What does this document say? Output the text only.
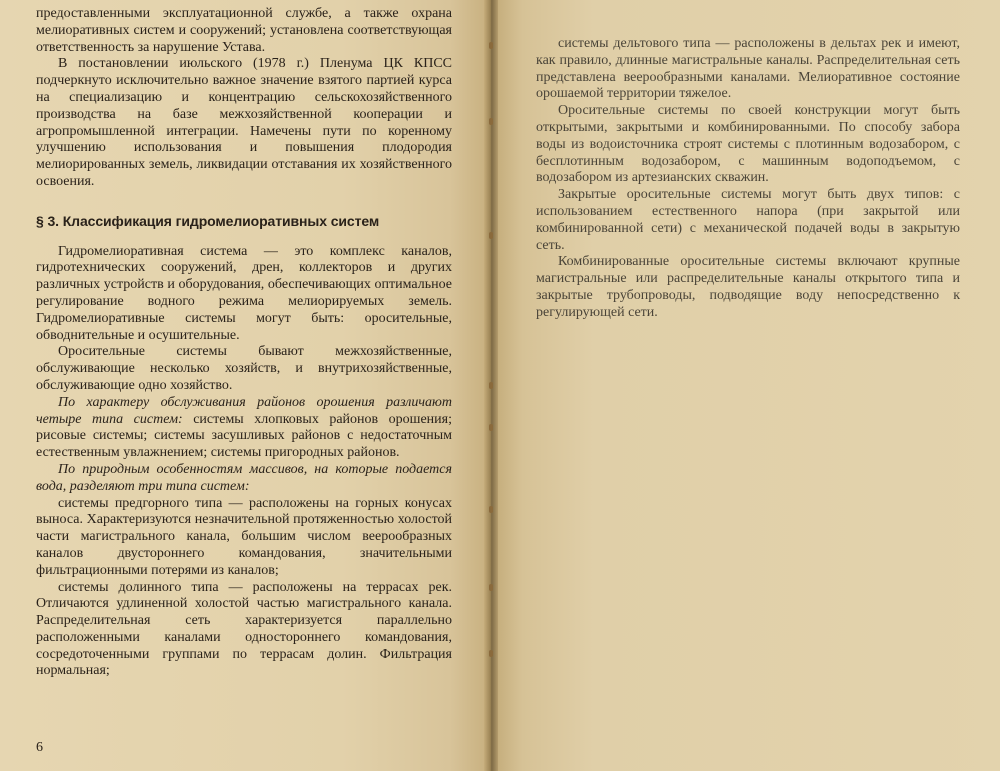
предоставленными эксплуатационной службе, а также охрана мелиоративных систем и сооружений; установлена соответствующая ответственность за нарушение Устава.

В постановлении июльского (1978 г.) Пленума ЦК КПСС подчеркнуто исключительно важное значение взятого партией курса на специализацию и концентрацию сельскохозяйственного производства на базе межхозяйственной кооперации и агропромышленной интеграции. Намечены пути по коренному улучшению использования и повышения плодородия мелиорированных земель, ликвидации отставания их хозяйственного освоения.

§ 3. Классификация гидромелиоративных систем

Гидромелиоративная система — это комплекс каналов, гидротехнических сооружений, дрен, коллекторов и других различных устройств и оборудования, обеспечивающих оптимальное регулирование водного режима мелиорируемых земель. Гидромелиоративные системы могут быть: оросительные, обводнительные и осушительные.

Оросительные системы бывают межхозяйственные, обслуживающие несколько хозяйств, и внутрихозяйственные, обслуживающие одно хозяйство.

По характеру обслуживания районов орошения различают четыре типа систем: системы хлопковых районов орошения; рисовые системы; системы засушливых районов с недостаточным естественным увлажнением; системы пригородных районов.

По природным особенностям массивов, на которые подается вода, разделяют три типа систем:

системы предгорного типа — расположены на горных конусах выноса. Характеризуются незначительной протяженностью холостой части магистрального канала, большим числом веерообразных каналов двустороннего командования, значительными фильтрационными потерями из каналов;

системы долинного типа — расположены на террасах рек. Отличаются удлиненной холостой частью магистрального канала. Распределительная сеть характеризуется параллельно расположенными каналами одностороннего командования, сосредоточенными группами по террасам долин. Фильтрация нормальная;

6

системы дельтового типа — расположены в дельтах рек и имеют, как правило, длинные магистральные каналы. Распределительная сеть представлена веерообразными каналами. Мелиоративное состояние орошаемой территории тяжелое.

Оросительные системы по своей конструкции могут быть открытыми, закрытыми и комбинированными. По способу забора воды из водоисточника строят системы с плотинным водозабором, с бесплотинным водозабором, с машинным водоподъемом, с водозабором из артезианских скважин.

Закрытые оросительные системы могут быть двух типов: с использованием естественного напора (при закрытой или комбинированной сети) с механической подачей воды в закрытую сеть.

Комбинированные оросительные системы включают крупные магистральные или распределительные каналы открытого типа и закрытые трубопроводы, подводящие воду непосредственно к регулирующей сети.
